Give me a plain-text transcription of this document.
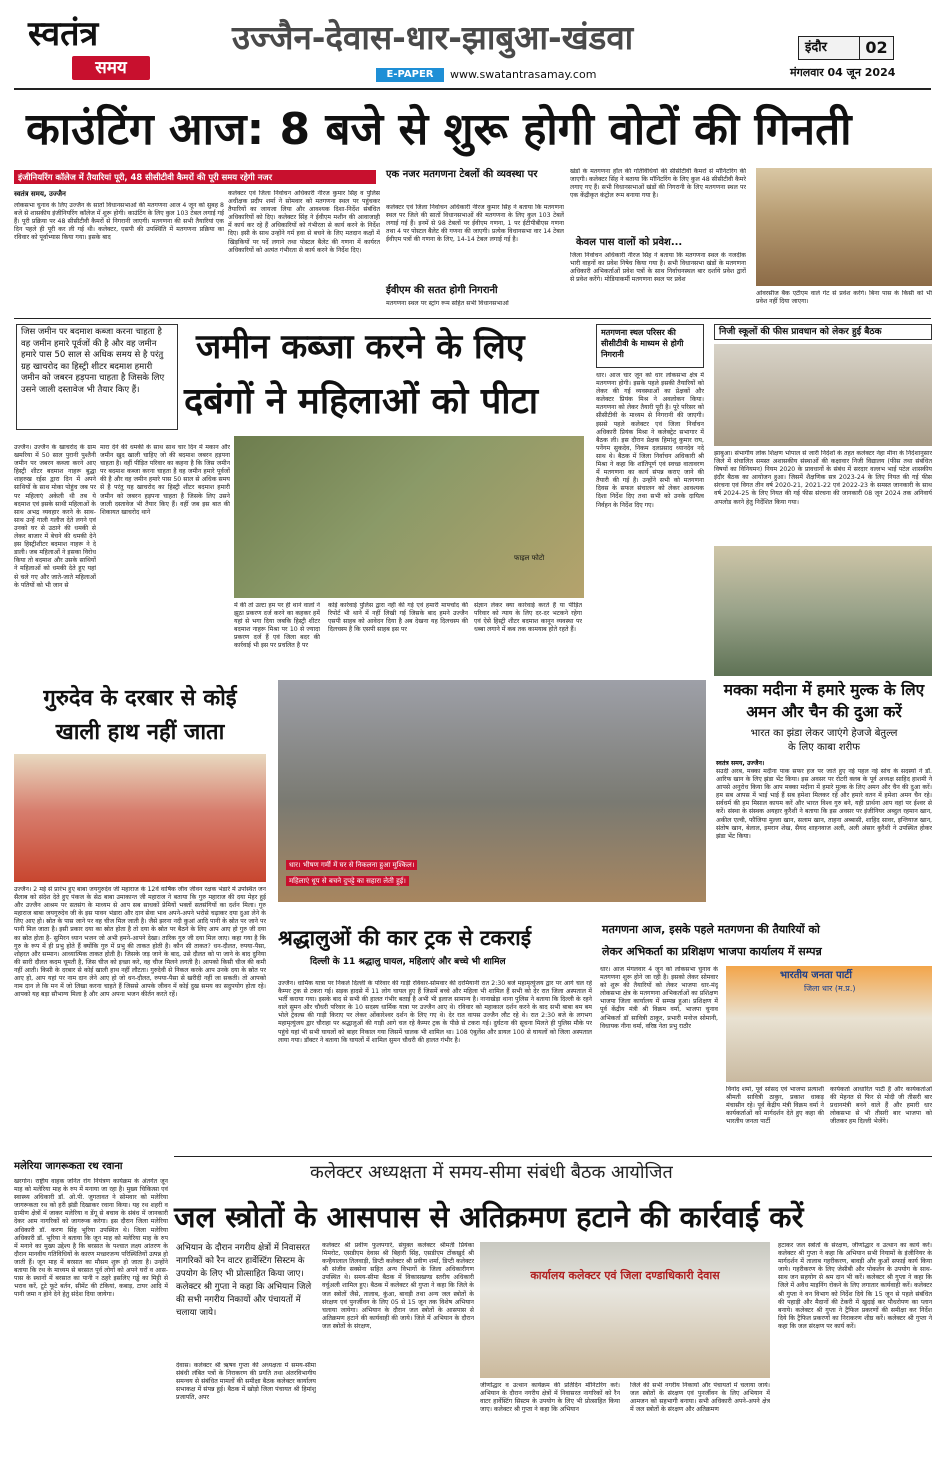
स्वतंत्र
समय
उज्जैन-देवास-धार-झाबुआ-खंडवा
E-PAPER	www.swatantrasamay.com
इंदौर	02
मंगलवार 04 जून 2024
काउंटिंग आज: 8 बजे से शुरू होगी वोटों की गिनती
इंजीनियरिंग कॉलेज में तैयारियां पूरी, 48 सीसीटीवी कैमरों की पूरी समय रहेगी नजर
स्वतंत्र समय, उज्जैन
लोकसभा चुनाव के लिए उज्जैन के सातों विधानसभाओं की मतगणना आज 4 जून को सुबह 8 बजे से शासकीय इंजीनियरिंग कॉलेज में शुरू होगी। काउंटिंग के लिए कुल 103 टेबल लगाई गई हैं। पूरी प्रक्रिया पर 48 सीसीटीवी कैमरों से निगरानी जाएगी। मतगणना की सभी तैयारियां एक दिन पहले ही पूरी कर ली गई थी। कलेक्टर, एसपी की उपस्थिति में मतगणना प्रक्रिया का रविवार को पूर्वाभ्यास किया गया। इसके बाद
कलेक्टर एवं जिला निर्वाचन अधिकारी नीरज कुमार सिंह व पुलिस अधीक्षक प्रदीप शर्मा ने सोमवार को मतगणना स्थल पर पहुंचकर तैयारियों का जायजा लिया और आवश्यक दिशा-निर्देश संबंधित अधिकारियों को दिए। कलेक्टर सिंह ने ईवीएम मशीन की आवाजाही में कार्य कर रहे हैं अधिकारियों को गंभीरता से कार्य करने के निर्देश दिए। इसी के साथ उन्होंने गर्म हवा से बचने के लिए मतदान कक्षों में खिड़कियों पर पर्दे लगाने तथा पोस्टल बैलेट की गणना में कार्यरत अधिकारियों को अत्यंत गंभीरता से कार्य करने के निर्देश दिए।
एक नजर मतगणना टेबलों की व्यवस्था पर
कलेक्टर एवं जिला निर्वाचन अधिकारी नीरज कुमार सिंह ने बताया कि मतगणना स्थल पर जिले की सातों विधानसभाओं की मतगणना के लिए कुल 103 टेबलें लगाई गई हैं। इनमें से 98 टेबलों पर ईवीएम गणना, 1 पर ईटीपीबीएस गणना तथा 4 पर पोस्टल बैलेट की गणना की जाएगी। प्रत्येक विधानसभा वार 14 टेबल ईवीएम पत्रों की गणना के लिए, 14-14 टेबल लगाई गई है।
ईवीएम की सतत होगी निगरानी
मतगणना स्थल पर स्ट्रांग रूम सहित सभी विधानसभाओं
खंडों के मतगणना हॉल की गतिविधियों की सीसीटीवी कैमरों से मॉनिटरिंग की जाएगी। कलेक्टर सिंह ने बताया कि मॉनिटरिंग के लिए कुल 48 सीसीटीवी कैमरे लगाए गए हैं। सभी विधानसभाओं खंडों की निगरानी के लिए मतगणना स्थल पर एक केंद्रीकृत कंट्रोल रूम बनाया गया है।
केवल पास वालों को प्रवेश...
जिला निर्वाचन अधिकारी नीरज सिंह ने बताया कि मतगणना स्थल के नजदीक भारी वाहनों का प्रवेश निषेध किया गया है। सभी विधानसभा खंडों के मतगणना अधिकारी अभिकर्ताओं प्रवेश पत्रों के साथ निर्वाचनस्थल बार दर्शाये प्रवेश द्वारों से प्रवेश करेंगे। मोडियाकर्मी मतगणना स्थल पर प्रवेश
ओवरसीज बैंक एटीएम वाले गेट से प्रवेश करेंगे। बिना पास के किसी को भी प्रवेश नहीं दिया जाएगा।
जिस जमीन पर बदमाश कब्जा करना चाहता है वह जमीन हमारे पूर्वजों की है और वह जमीन हमारे पास 50 साल से अधिक समय से है परंतु ग्रह खाचरोद का हिस्ट्री शीटर बदमाश हमारी जमीन को जबरन हड़पना चाहता है जिसके लिए उसने जाली दस्तावेज भी तैयार किए हैं।
जमीन कब्जा करने के लिए
दबंगों ने महिलाओं को पीटा
उज्जैन। उज्जैन के खाचरोद के ग्राम खमरिया में 50 साल पुरानी पुश्तैनी जमीन पर जबरन कब्जा करने आए हिस्ट्री शीटर बदमाश नाहरू बुद्धा शाहरुख रईस द्वारा दिन में अपने साथियों के साथ मोका पोहुंच जब पर पर महिलाएं अकेली थी तब ये बदमाश एवं इसके साथी महिलाओं के साथ अभद्र व्यवहार करने के साथ-साथ उन्हें गाली गलौज देते लगने एवं उनको घर से उठाने की धमकी से लेकर बाजार में बेचने की धमकी देने इस हिस्ट्रीशीटर बदमाश नाहरू ने दे डाली। जब महिलाओं ने इसका विरोध किया तो बदमाश और उसके साथियों ने महिलाओं को धमकी देते हुए यहां से चले गए और जाते-जाते महिलाओं के पतियों को भी जान से
मारा देने की धमकी के साथ साथ चार दिन में मकान और जमीन खुद खाली चाहिए जो की बदमाश जबरन हड़पना चाहता है। वहीं पीड़ित परिवार का कहना है कि जिस जमीन पर बदमाश कब्जा करना चाहता है वह जमीन हमारे पूर्वजों की है और वह जमीन हमारे पास 50 साल से अधिक समय से है परंतु यह खाचरोद का हिस्ट्री शीटर बदमाश हमारी जमीन को जबरन हड़पना चाहता है जिसके लिए उसने जाली दस्तावेज भी तैयार किए हैं। वहीं जब इस बात की शिकायत खाचरोद थाने
फाइल फोटो
में की तो उल्टा हम पर ही थाने वालों ने झूठा प्रकरण दर्ज करने का कहकर हमें यहां से भगा दिया जबकि हिस्ट्री शीटर बदमाश नाहरू मिश्रा पर 10 से ज्यादा प्रकरण दर्ज हैं एवं जिला बदर की कार्रवाई भी इस पर प्रचलित है पर
कोई कार्रवाई पुलिस द्वारा नहीं की गई एवं हमारी माफ्चोंद की रिपोर्ट भी थाने में नहीं लिखी गई जिसके बाद हमने उज्जैन एसपी साहब को आवेदन दिया है अब देखना यह दिलचस्प की दिलचस्प है कि एसपी साहब इस पर
संज्ञान लेकर क्या कार्रवाई करते हैं या पीड़ित परिवार को न्याय के लिए दर-दर भटकने रहेगा एवं ऐसे हिस्ट्री शीटर बदमाश कानून व्यवस्था पर धब्बा लगाने में कब तक कामयाब होते रहते हैं।
मतगणना स्थल परिसर की सीसीटीवी के माध्यम से होगी निगरानी
धार। आज चार जून को धार लोकसभा क्षेत्र में मतगणना होगी। इसके पहले इसकी तैयारियों को लेकर की गई व्यवस्थाओं का प्रेक्षकों और कलेक्टर प्रियंक मिश्र ने अवलोकन किया। मतगणना को लेकर तैयारी पूरी है। पूरे परिसर को सीसीटीवी के माध्यम से निगरानी की जाएगी। इससे पहले कलेक्टर एवं जिला निर्वाचन अधिकारी प्रियंक मिश्रा ने कलेक्ट्रेट सभागार में बैठक ली। इस दौरान प्रेक्षक हिमांशु कुमार राय, पनेंगम सुकदेव, निकम दलप्रसाद ध्यानदेव नदे साथ थे। बैठक में जिला निर्वाचन अधिकारी श्री मिश्रा ने कहा कि शांतिपूर्ण एवं स्वच्छ वातावरण में मतगणना का कार्य संपन्न कराए जाने की तैयारी की गई है। उन्होंने सभी को मतगणना दिवस के सफल संचालन को लेकर आवश्यक दिशा निर्देश दिए तथा सभी को उनके दायित्व निर्वहन के निर्देश दिए गए।
निजी स्कूलों की फीस प्रावधान को लेकर हुई बैठक
झाबुआ। संभागीय लोक शिक्षण भोपाल से जारी निर्देशों के तहत कलेक्टर नेहा मीना के निर्देशानुसार जिले में संचालित समस्त अशासकीय संस्थाओं की कक्षावार निजी विद्यालय (फीस तथा संबंधित विषयों का विनियमन) नियम 2020 के प्रावधानों के संबंध में सरदार वल्लभ भाई पटेल शासकीय इंदौर बैठक का आयोजन हुआ। जिसमें शैक्षणिक सत्र 2023-24 के लिए नियत की गई फीस संरचना एवं विगत तीन वर्ष 2020-21, 2021-22 एवं 2022-23 के समस्त जानकारी के साथ वर्ष 2024-25 के लिए नियत की गई फीस संरचना की जानकारी 08 जून 2024 तक अनिवार्य अपलोड करने हेतु निर्देशित किया गया।
मक्का मदीना में हमारे मुल्क के लिए
अमन और चैन की दुआ करें
भारत का झंडा लेकर जाएंगे हेजजे बेतुल्ल
के लिए काबा शरीफ
स्वतंत्र समय, उज्जैन।
सउदी अरब, मक्का मदीना पाक सफर हज पर जाते हुए नई पहल नई सोच के सदस्यों ने डॉ. आरिफ खान के लिए झंडा भेंट किया। इस अवसर पर रोटरी क्लब के पूर्व अध्यक्ष साहिद हाशमी ने आपसे अनुरोध किया कि आप मक्का मदीना में हमारे मुल्क के लिए अमन और चैन की दुआ करें। हम सब आपस में भाई भाई हैं सब हमेशा मिलकर रहें और हमारे वतन में हमेशा अमन चैन रहे। सर्वधर्म की हम मिसाल कायम करें और भारत विश्व गुरु बने, यही प्रार्थना आप वहां पर ईश्वर से करें। संस्था के संस्थक अयहार कुरैशी ने बताया कि इस अवसर पर इंजीनियर अब्दुल रहमान खान, अकील एल्वी, फौजिया मुल्ला खान, सलाम खान, ताहना अब्बासी, शाहिद सावर, इन्तियाज खान, संतोष खान, बेलाल, इमरान शेख, सैयद शाहनवाज अली, अली अंसार कुरैशी ने उपस्थित होकर झंडा भेंट किया।
गुरुदेव के दरबार से कोई
खाली हाथ नहीं जाता
उज्जैन। 2 मई से प्रारंभ हुए बाबा जयगुरुदेव जी महाराज के 12वें वार्षिक जीव जीवन रक्षक भंडारे में उपस्थित जन सैलाब को संदेश देते हुए पंकज के सेठ बाबा उमाकान्त जी महाराज ने बताया कि गुरु महाराज की दया मेहर हुई और उज्जैन आश्रम पर सतसंग के माध्यम से आप सब साधकों प्रेमियों भक्तों सतसंगियों का दर्शन मिला। गुरु महाराज बाबा जयगुरुदेव जी के इस पावन भंडारा और दान सेवा भाव अपने-अपने भरोसे चढ़ाकर दया दुआ लेने के लिए आए हो। स्रोत के पास जाने पर वह चीज मिल जाती है। जैसे झरना नदी कुआं आदि पानी के स्रोत पर जाने पर पानी मिल जाता है। इसी प्रकार दया का स्रोत होता है तो दया के स्रोत पर बैठने के लिए आप आए हो गुरु जी दया का स्रोत होता है- सुमिरन ध्यान भजन जो अभी हमने-आपने देखा। तारिक गुरु जी दया मिल जाए। कहा गया है कि गुरु के रूप में ही प्रभु होते हैं क्योंकि गुरु में प्रभु की ताकत होती है। कौन सी ताकत? धन-दौलत, रुपया-पैसा, शोहरत और सम्मान। आध्यात्मिक ताकत होती है। जिसके जड़ जाने के बाद, उसे दौलत को पा जाने के बाद दुनिया की सारी दौलत कदम चूमती है, जिस चीज को इच्छा करे, वह चीज मिलने लगती है। आपको किसी चीज की कमी नहीं आती। किसी के दरबार से कोई खाली हाथ नहीं लौटता। गुरुदेवी से निकल करके आप उनके दया के स्रोत पर आए हो, आप यहां पर नाम दान लेने आए हो जो धन-दौलत, रुपया-पैसा से खरीदी नहीं जा सकती। तो आपको नाम दान ले कि मन में जो लिखा करना चाहते हैं जिससे आपके जीवन में कोई दुख समय का सदुपयोग होता रहे। आपको यह बड़ा सौभाग्य मिला है और आप अपना भजन कीर्तन करते रहें।
धार। भीषण गर्मी में घर से निकलना हुआ मुश्किल।
महिलाएं धूप से बचने दुपट्टे का सहारा लेती हुई।
श्रद्धालुओं की कार ट्रक से टकराई
दिल्ली के 11 श्रद्धालु घायल, महिलाएं और बच्चे भी शामिल
उज्जैन। धार्मिक यात्रा पर निकले दिल्ली के परिवार की गाड़ी रविवार-सोमवार की दरमियानी रात 2:30 बजे महामृत्युंजय द्वार पर आगे चल रहे कैम्पर ट्रक से टकरा गई। सड़क हादसे में 11 लोग घायल हुए हैं जिसमें बच्चे और महिला भी शामिल हैं सभी को देर रात जिला अस्पताल में भर्ती कराया गया। इसके बाद से सभी की हालत गंभीर बताई है अभी भी इलाज सामान्य है। नानाखेड़ा थाना पुलिस ने बताया कि दिल्ली के रहने वाले सुमन और चौधरी परिवार के 10 सदस्य धार्मिक यात्रा पर उज्जैन आए थे। रविवार को महाकाल दर्शन करने के बाद सभी बाबा बम बम भोले ट्रेवल्स की गाड़ी किराए पर लेकर ओंकारेश्वर दर्शन के लिए गए थे। देर रात वापस उज्जैन लौट रहे थे। रात 2:30 बजे के लगभग महामृत्युंजय द्वार चौराहा पर श्रद्धालुओं की गाड़ी आगे चल रहे कैम्पर ट्रक के पीछे से टकरा गई। दुर्घटना की सूचना मिलते ही पुलिस मौके पर पहुंचे यहां भी सभी घायलों को बाहर निकाल गया जिसमें चालक भी शामिल था। 108 एंबुलेंस और डायल 100 से घायलों को जिला अस्पताल लाया गया। डॉक्टर ने बताया कि घायलों में शामिल सुमन चौधरी की हालत गंभीर है।
मतगणना आज, इसके पहले मतगणना की तैयारियों को
लेकर अभिकर्ता का प्रशिक्षण भाजपा कार्यालय में सम्पन्न
धार। आज मंगलवार 4 जून को लोकसभा चुनाव के मतगणना शुरू होने जा रही है। इसको लेकर सोमवार को शुरू की तैयारियों को लेकर भाजपा धार-मंदू लोकसभा क्षेत्र के मतगणना अभिकर्ताओं का प्रशिक्षण भाजपा जिला कार्यालय में सम्पन्न हुआ। प्रशिक्षण में पूर्व केंद्रीय मंत्री श्री विक्रम वर्मा, भाजपा चुनाव अभिकर्ता डॉ सावित्री ठाकुर, प्रभारी मनोज सोमानी, विधायक नीना वर्मा, वरिष्ठ नेता प्रभु राठौर
भारतीय जनता पार्टी
जिला धार (म.प्र.)
विनोद शर्मा, पूर्व सांसद एवं भाजपा प्रत्याशी श्रीमती सावित्री ठाकुर, प्रकाश धाकड़ मंचासीन रहे। पूर्व केंद्रीय मंत्री विक्रम वर्मा ने कार्यकर्ताओं को मार्गदर्शन देते हुए कहा की भारतीय जनता पार्टी
कार्यकर्ता आधारित पार्टी है और कार्यकर्ताओं की मेहनत से फिर से मोदी जी तीसरी बार प्रधानमंत्री बनने वाले हैं और हमारी धार लोकसभा से भी तीसरी बार भाजपा को जीतकर हम दिल्ली भेजेंगे।
मलेरिया जागरूकता रथ रवाना
खरगोन। राष्ट्रीय वाहक जनित रोग नियंत्रण कार्यक्रम के अंतर्गत जून माह को मलेरिया माह के रुप में मनाया जा रहा है। मुख्य चिकित्सा एवं स्वास्थ्य अधिकारी डॉ. ओ.पी. जुगतावत ने सोमवार को मलेरिया जागरूकता रथ को हरी झंडी दिखाकर रवाना किया। यह रथ शहरी व ग्रामीण क्षेत्रों में जाकर मलेरिया व डेंगू से बचाव के संबंध में जानकारी देकर आम नागरिकों को जागरूक करेगा। इस दौरान जिला मलेरिया अधिकारी डॉ. करण सिंह भूरिया उपस्थित थे। जिला मलेरिया अधिकारी डॉ. भूरिया ने बताया कि जून माह को मलेरिया माह के रुप में मनाने का मुख्य उद्देश्य है कि बरसात के पश्चात लक्ष्य आंतरण के दौरान मानवीय गतिविधियों के कारण मच्छरजन्य परिस्थितियों उत्पन्न हो जाती हैं। जून माह में बरसात का मौसम शुरू हो जाता है। उन्होंने बताया कि रथ के माध्यम से बरसात पूर्व लोगों को अपने घरों व आस-पास के स्थानों में बरसात का पानी न ठहरे इसलिए गड्ढे का मिट्टी से भराव करें, टूटे फूटे बर्तन, सीमेंट की टंकियां, कबाड़, टायर आदि में पानी जमा न होने देने हेतु संदेश दिया जायेगा।
कलेक्टर अध्यक्षता में समय-सीमा संबंधी बैठक आयोजित
जल स्त्रोतों के आसपास से अतिक्रमण हटाने की कार्रवाई करें
अभियान के दौरान नगरीय क्षेत्रों में निवासरत नागरिकों को रैन वाटर हार्वेस्टिंग सिस्टम के उपयोग के लिए भी प्रोत्साहित किया जाए। कलेक्टर श्री गुप्ता ने कहा कि अभियान जिले की सभी नगरीय निकायों और पंचायतों में चलाया जाये।
देवास। कलेक्टर श्री ऋषव गुप्ता की अध्यक्षता में समय-सीमा संबंधी लंबित पत्रों के निराकरण की प्रगति तथा अंतरविभागीय समन्वय से संबंधित मामलों की समीक्षा बैठक कलेक्टर कार्यालय सभाकक्ष में संपन्न हुई। बैठक में खोड़ो जिला पंचायत श्री हिमांशु प्रजापति, अपर
कलेक्टर श्री प्रवीण फुलपगारे, संयुक्त कलेक्टर श्रीमती प्रियंका मिमरोट, एसडीएम देवास श्री बिहारी सिंह, एसडीएम टोंकखुर्द श्री कन्हैयालाल तिलवाड़ी, डिप्टी कलेक्टर श्री प्रवीण शर्मा, डिप्टी कलेक्टर श्री संजीव सक्सेना सहित अन्य विभागों के जिला अधिकारीगण उपस्थित थे। समय-सीमा बैठक में विकासखण्ड स्तरीय अधिकारी वर्चुअली शामिल हुए। बैठक में कलेक्टर श्री गुप्ता ने कहा कि जिले के जल स्त्रोतों जैसे, तालाब, कुंआ, बावड़ी तथा अन्य जल स्त्रोतों के संरक्षण एवं पुनर्जीवन के लिए 05 से 15 जून तक विशेष अभियान चलाया जायेगा। अभियान के दौरान जल स्त्रोतों के आसपास से अतिक्रमण हटाने की कार्यवाही की जाये। जिले में अभियान के दौरान जल स्त्रोतों के संरक्षण,
कार्यालय कलेक्टर एवं जिला दण्डाधिकारी देवास
जीर्णोद्धार व उत्थान कार्यक्रम की प्रतिदिन मॉनिटरिंग करें। अभियान के दौरान नगरीय क्षेत्रों में निवासरत नागरिकों को रैन वाटर हार्वेस्टिंग सिस्टम के उपयोग के लिए भी प्रोत्साहित किया जाए। कलेक्टर श्री गुप्ता ने कहा कि अभियान
जिले की सभी नगरीय निकायों और पंचायतों में चलाया जाये। जल स्त्रोतों के संरक्षण एवं पुनर्जीवन के लिए अभियान में आमजन को सहभागी बनाया। सभी अधिकारी अपने-अपने क्षेत्र में जल स्त्रोतों के संरक्षण और अतिक्रमण
हटाकर जल स्त्रोतों के संरक्षण, जीर्णोद्धार व उत्थान का कार्य करें। कलेक्टर श्री गुप्ता ने कहा कि अभियान सभी नियामों के इंजीनियर के मार्गदर्शन में तालाब गहरीकरण, बावड़ी और कुओं सफाई कार्य किया जाये। गहरीकरण के लिए जेसीबी और पोकलेन के उपयोग के साथ-साथ जन सहयोग से श्रम दान भी करें। कलेक्टर श्री गुप्ता ने कहा कि जिले में अवैध माइनिंग रोकने के लिए लगातार कार्यवाही करें। कलेक्टर श्री गुप्ता ने वन विभाग को निर्देश दिये कि 15 जून से पहले संबंधित की पहाड़ी और मैदानों की टेकरी में खुदाई कर पौधरोपण का प्लान बनाये। कलेक्टर श्री गुप्ता ने ट्रैफिल प्रकरणों की समीक्षा कर निर्देश दिये कि ट्रैफिल प्रकरणों का निराकरण शीघ्र करें। कलेक्टर श्री गुप्ता ने कहा कि जल संरक्षण पर कार्य करें।
